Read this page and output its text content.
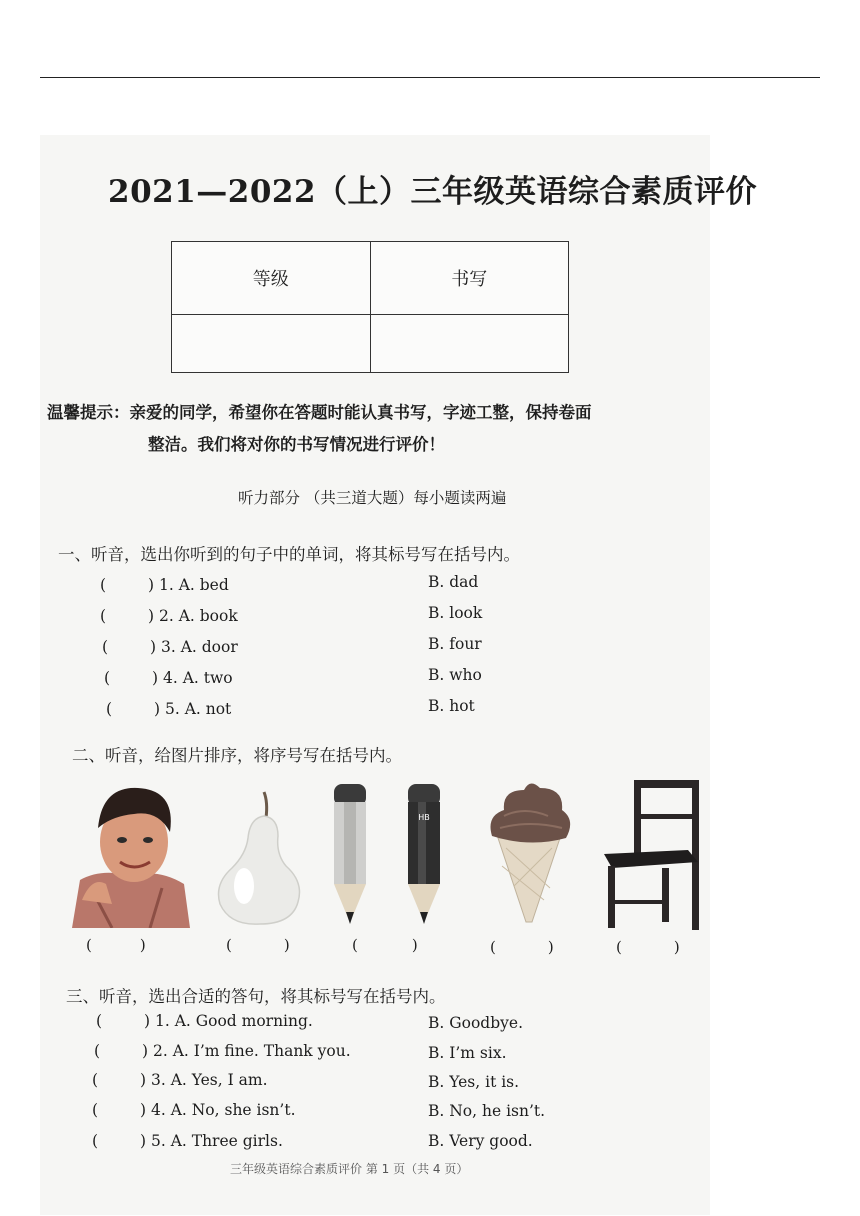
2021—2022（上）三年级英语综合素质评价
等级	书写

温馨提示：亲爱的同学，希望你在答题时能认真书写，字迹工整，保持卷面
整洁。我们将对你的书写情况进行评价！
听力部分 （共三道大题）每小题读两遍
一、听音，选出你听到的句子中的单词，将其标号写在括号内。
(	) 1. A. bed	B. dad
(	) 2. A. book	B. look
(	) 3. A. door	B. four
(	) 4. A. two	B. who
(	) 5. A. not	B. hot
二、听音，给图片排序，将序号写在括号内。
HB
(	)	(	)	(	)	(	)	(	)
三、听音，选出合适的答句，将其标号写在括号内。
(	) 1. A. Good morning.	B. Goodbye.
(	) 2. A. I’m fine. Thank you.	B. I’m six.
(	) 3. A. Yes, I am.	B. Yes, it is.
(	) 4. A. No, she isn’t.	B. No, he isn’t.
(	) 5. A. Three girls.	B. Very good.
三年级英语综合素质评价 第 1 页（共 4 页）
